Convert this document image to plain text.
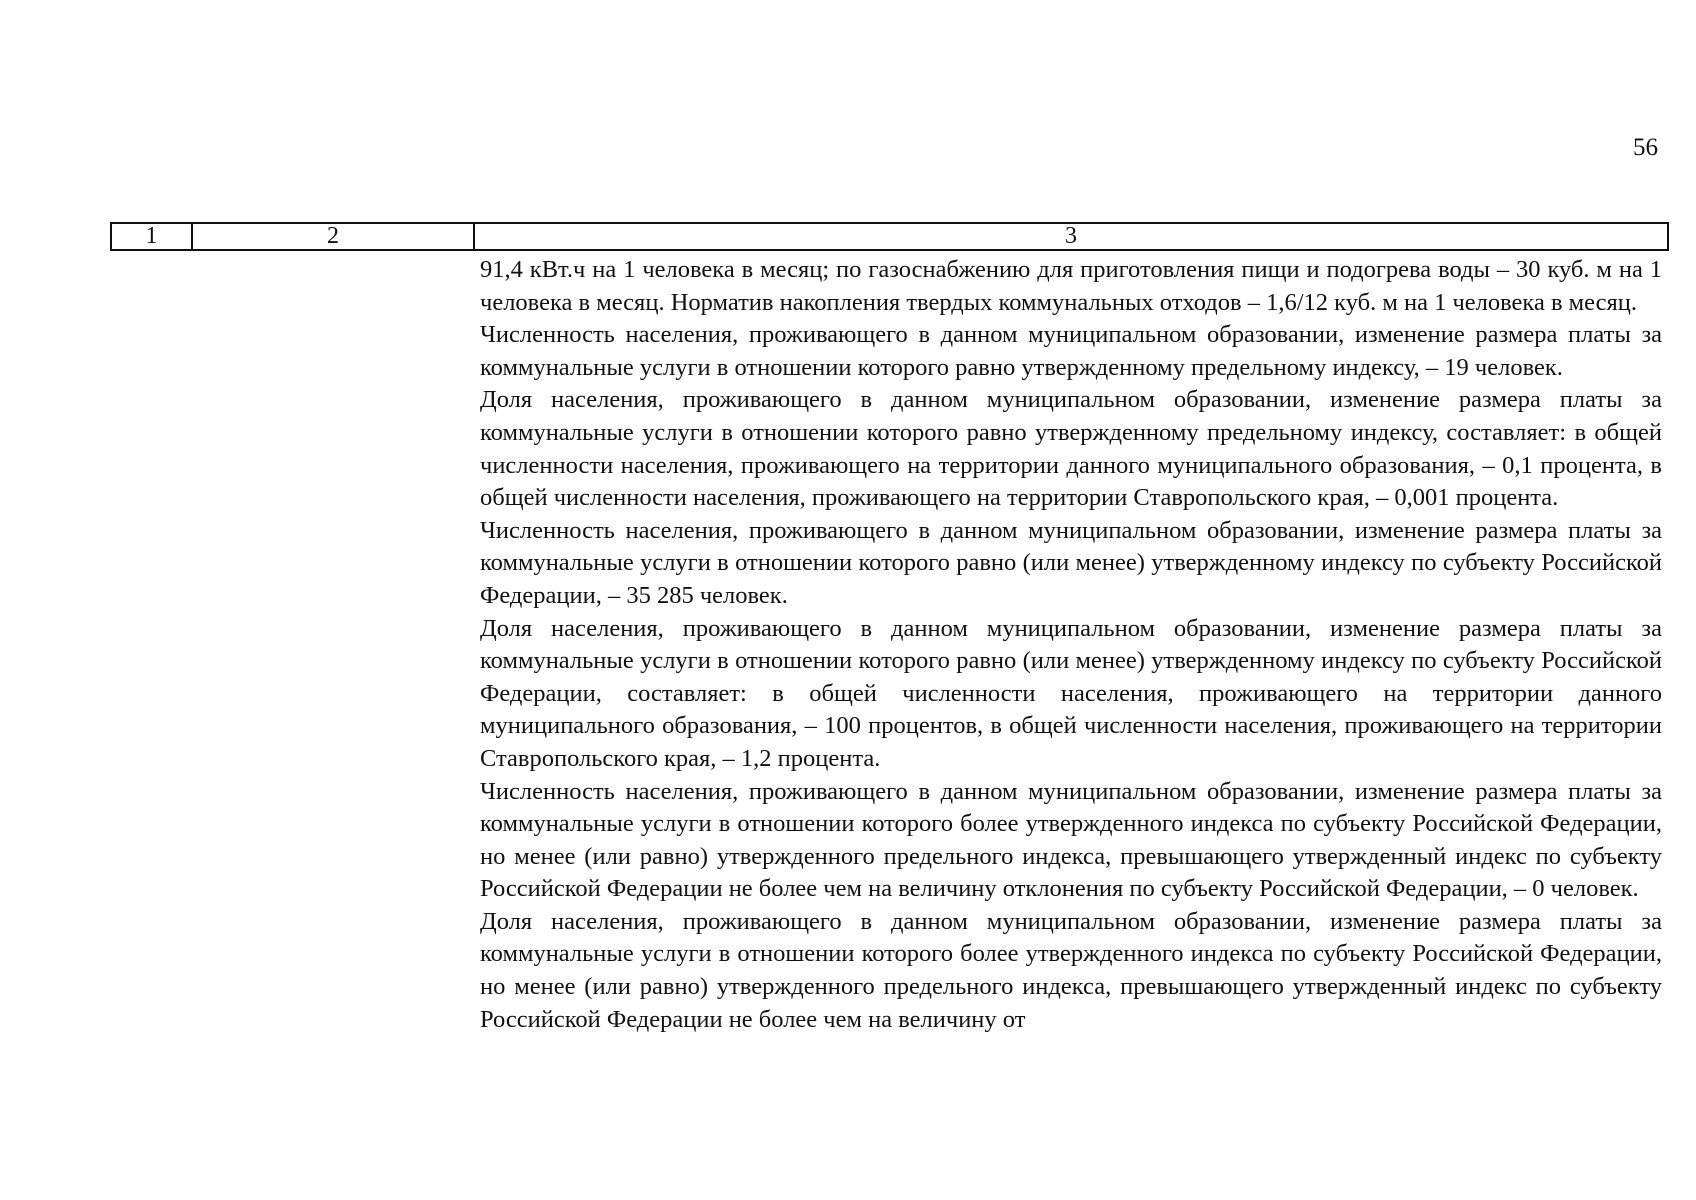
56
1	2	3

91,4 кВт.ч на 1 человека в месяц; по газоснабжению для приготовления пищи и подогрева воды – 30 куб. м на 1 человека в месяц. Норматив накопления твердых коммунальных отходов – 1,6/12 куб. м на 1 человека в месяц.

Численность населения, проживающего в данном муниципальном образовании, изменение размера платы за коммунальные услуги в отношении которого равно утвержденному предельному индексу, – 19 человек.

Доля населения, проживающего в данном муниципальном образовании, изменение размера платы за коммунальные услуги в отношении которого равно утвержденному предельному индексу, составляет: в общей численности населения, проживающего на территории данного муниципального образования, – 0,1 процента, в общей численности населения, проживающего на территории Ставропольского края, – 0,001 процента.

Численность населения, проживающего в данном муниципальном образовании, изменение размера платы за коммунальные услуги в отношении которого равно (или менее) утвержденному индексу по субъекту Российской Федерации, – 35 285 человек.

Доля населения, проживающего в данном муниципальном образовании, изменение размера платы за коммунальные услуги в отношении которого равно (или менее) утвержденному индексу по субъекту Российской Федерации, составляет: в общей численности населения, проживающего на территории данного муниципального образования, – 100 процентов, в общей численности населения, проживающего на территории Ставропольского края, – 1,2 процента.

Численность населения, проживающего в данном муниципальном образовании, изменение размера платы за коммунальные услуги в отношении которого более утвержденного индекса по субъекту Российской Федерации, но менее (или равно) утвержденного предельного индекса, превышающего утвержденный индекс по субъекту Российской Федерации не более чем на величину отклонения по субъекту Российской Федерации, – 0 человек.

Доля населения, проживающего в данном муниципальном образовании, изменение размера платы за коммунальные услуги в отношении которого более утвержденного индекса по субъекту Российской Федерации, но менее (или равно) утвержденного предельного индекса, превышающего утвержденный индекс по субъекту Российской Федерации не более чем на величину от
